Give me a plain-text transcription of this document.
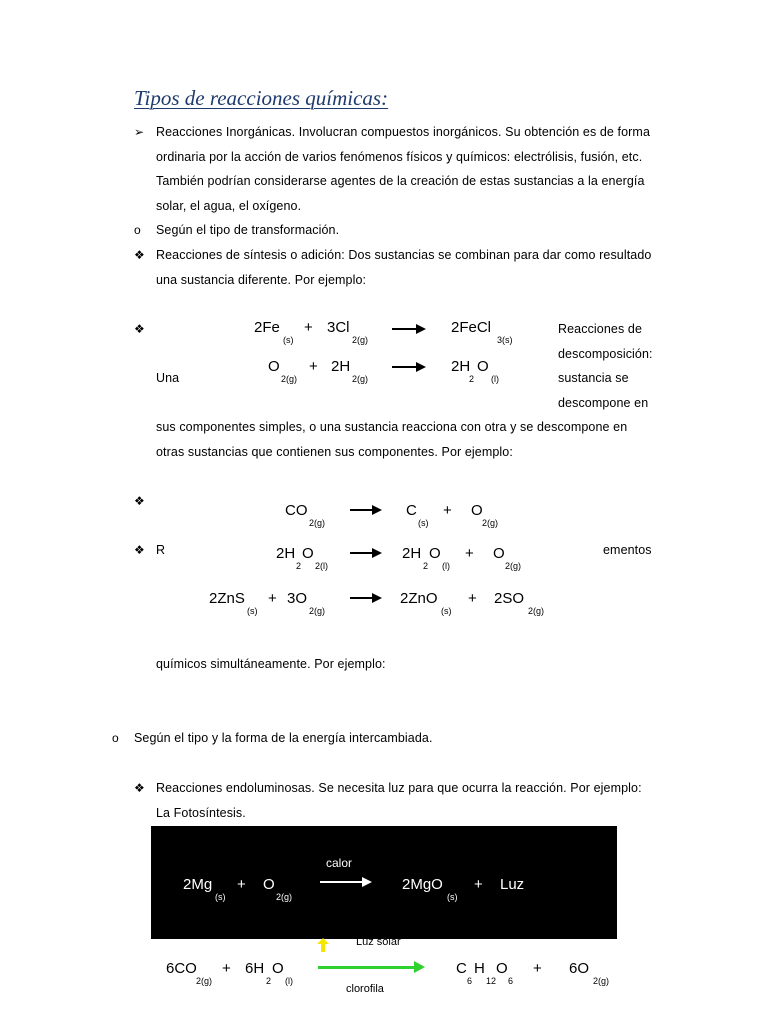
Tipos de reacciones químicas:
➢ Reacciones Inorgánicas. Involucran compuestos inorgánicos. Su obtención es de forma
ordinaria por la acción de varios fenómenos físicos y químicos: electrólisis, fusión, etc.
También podrían considerarse agentes de la creación de estas sustancias a la energía
solar, el agua, el oxígeno.
o Según el tipo de transformación.
❖ Reacciones de síntesis o adición: Dos sustancias se combinan para dar como resultado
una sustancia diferente. Por ejemplo:
❖	Reacciones de
descomposición:
sustancia se
descompone en
Una
sus componentes simples, o una sustancia reacciona con otra y se descompone en
otras sustancias que contienen sus componentes. Por ejemplo:
2Fe
(s)
+ 3Cl
2(g)
2FeCl
3(s)
O
2(g)
+ 2H
2(g)
2H
2
O
(l)
❖
❖ R	ementos
CO
2(g)
C
(s)
+ O
2(g)
2H
2
O
2(l)
→ 2H
2
O
(l)
+ O
2(g)
2ZnS
(s)
+ 3O
2(g)
→ 2ZnO
(s)
+ 2SO
2(g)
químicos simultáneamente. Por ejemplo:
o Según el tipo y la forma de la energía intercambiada.
❖ Reacciones endoluminosas. Se necesita luz para que ocurra la reacción. Por ejemplo:
La Fotosíntesis.
calor
2Mg
(s)
+ O
2(g)
2MgO
(s)
+ Luz
Luz solar
6CO
2(g)
+ 6H
2
O
(l)
clorofila
C
6
H
12
O
6
+ 6O
2(g)
